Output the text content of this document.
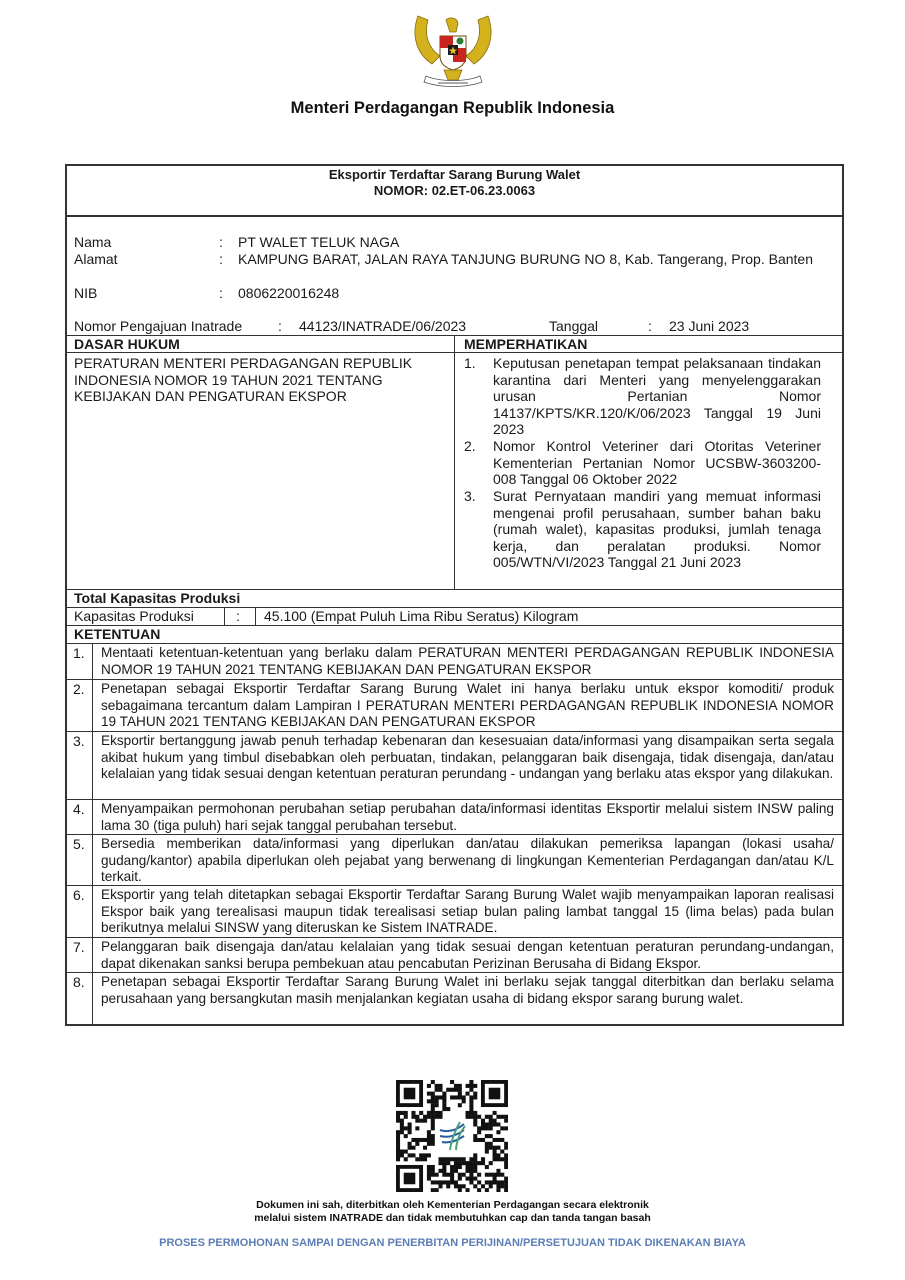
Menteri Perdagangan Republik Indonesia
Eksportir Terdaftar Sarang Burung Walet
NOMOR: 02.ET-06.23.0063
Nama	: PT WALET TELUK NAGA
Alamat	: KAMPUNG BARAT, JALAN RAYA TANJUNG BURUNG NO 8, Kab. Tangerang, Prop. Banten
NIB	: 0806220016248
Nomor Pengajuan Inatrade	: 44123/INATRADE/06/2023	Tanggal	: 23 Juni 2023
DASAR HUKUM	MEMPERHATIKAN
PERATURAN MENTERI PERDAGANGAN REPUBLIK INDONESIA NOMOR 19 TAHUN 2021 TENTANG KEBIJAKAN DAN PENGATURAN EKSPOR
1. Keputusan penetapan tempat pelaksanaan tindakan karantina dari Menteri yang menyelenggarakan urusan Pertanian Nomor 14137/KPTS/KR.120/K/06/2023 Tanggal 19 Juni 2023
2. Nomor Kontrol Veteriner dari Otoritas Veteriner Kementerian Pertanian Nomor UCSBW-3603200-008 Tanggal 06 Oktober 2022
3. Surat Pernyataan mandiri yang memuat informasi mengenai profil perusahaan, sumber bahan baku (rumah walet), kapasitas produksi, jumlah tenaga kerja, dan peralatan produksi. Nomor 005/WTN/VI/2023 Tanggal 21 Juni 2023
Total Kapasitas Produksi
Kapasitas Produksi	: 45.100 (Empat Puluh Lima Ribu Seratus) Kilogram
KETENTUAN
1. Mentaati ketentuan-ketentuan yang berlaku dalam PERATURAN MENTERI PERDAGANGAN REPUBLIK INDONESIA NOMOR 19 TAHUN 2021 TENTANG KEBIJAKAN DAN PENGATURAN EKSPOR
2. Penetapan sebagai Eksportir Terdaftar Sarang Burung Walet ini hanya berlaku untuk ekspor komoditi/ produk sebagaimana tercantum dalam Lampiran I PERATURAN MENTERI PERDAGANGAN REPUBLIK INDONESIA NOMOR 19 TAHUN 2021 TENTANG KEBIJAKAN DAN PENGATURAN EKSPOR
3. Eksportir bertanggung jawab penuh terhadap kebenaran dan kesesuaian data/informasi yang disampaikan serta segala akibat hukum yang timbul disebabkan oleh perbuatan, tindakan, pelanggaran baik disengaja, tidak disengaja, dan/atau kelalaian yang tidak sesuai dengan ketentuan peraturan perundang - undangan yang berlaku atas ekspor yang dilakukan.
4. Menyampaikan permohonan perubahan setiap perubahan data/informasi identitas Eksportir melalui sistem INSW paling lama 30 (tiga puluh) hari sejak tanggal perubahan tersebut.
5. Bersedia memberikan data/informasi yang diperlukan dan/atau dilakukan pemeriksa lapangan (lokasi usaha/ gudang/kantor) apabila diperlukan oleh pejabat yang berwenang di lingkungan Kementerian Perdagangan dan/atau K/L terkait.
6. Eksportir yang telah ditetapkan sebagai Eksportir Terdaftar Sarang Burung Walet wajib menyampaikan laporan realisasi Ekspor baik yang terealisasi maupun tidak terealisasi setiap bulan paling lambat tanggal 15 (lima belas) pada bulan berikutnya melalui SINSW yang diteruskan ke Sistem INATRADE.
7. Pelanggaran baik disengaja dan/atau kelalaian yang tidak sesuai dengan ketentuan peraturan perundang-undangan, dapat dikenakan sanksi berupa pembekuan atau pencabutan Perizinan Berusaha di Bidang Ekspor.
8. Penetapan sebagai Eksportir Terdaftar Sarang Burung Walet ini berlaku sejak tanggal diterbitkan dan berlaku selama perusahaan yang bersangkutan masih menjalankan kegiatan usaha di bidang ekspor sarang burung walet.
Dokumen ini sah, diterbitkan oleh Kementerian Perdagangan secara elektronik
melalui sistem INATRADE dan tidak membutuhkan cap dan tanda tangan basah
PROSES PERMOHONAN SAMPAI DENGAN PENERBITAN PERIJINAN/PERSETUJUAN TIDAK DIKENAKAN BIAYA
